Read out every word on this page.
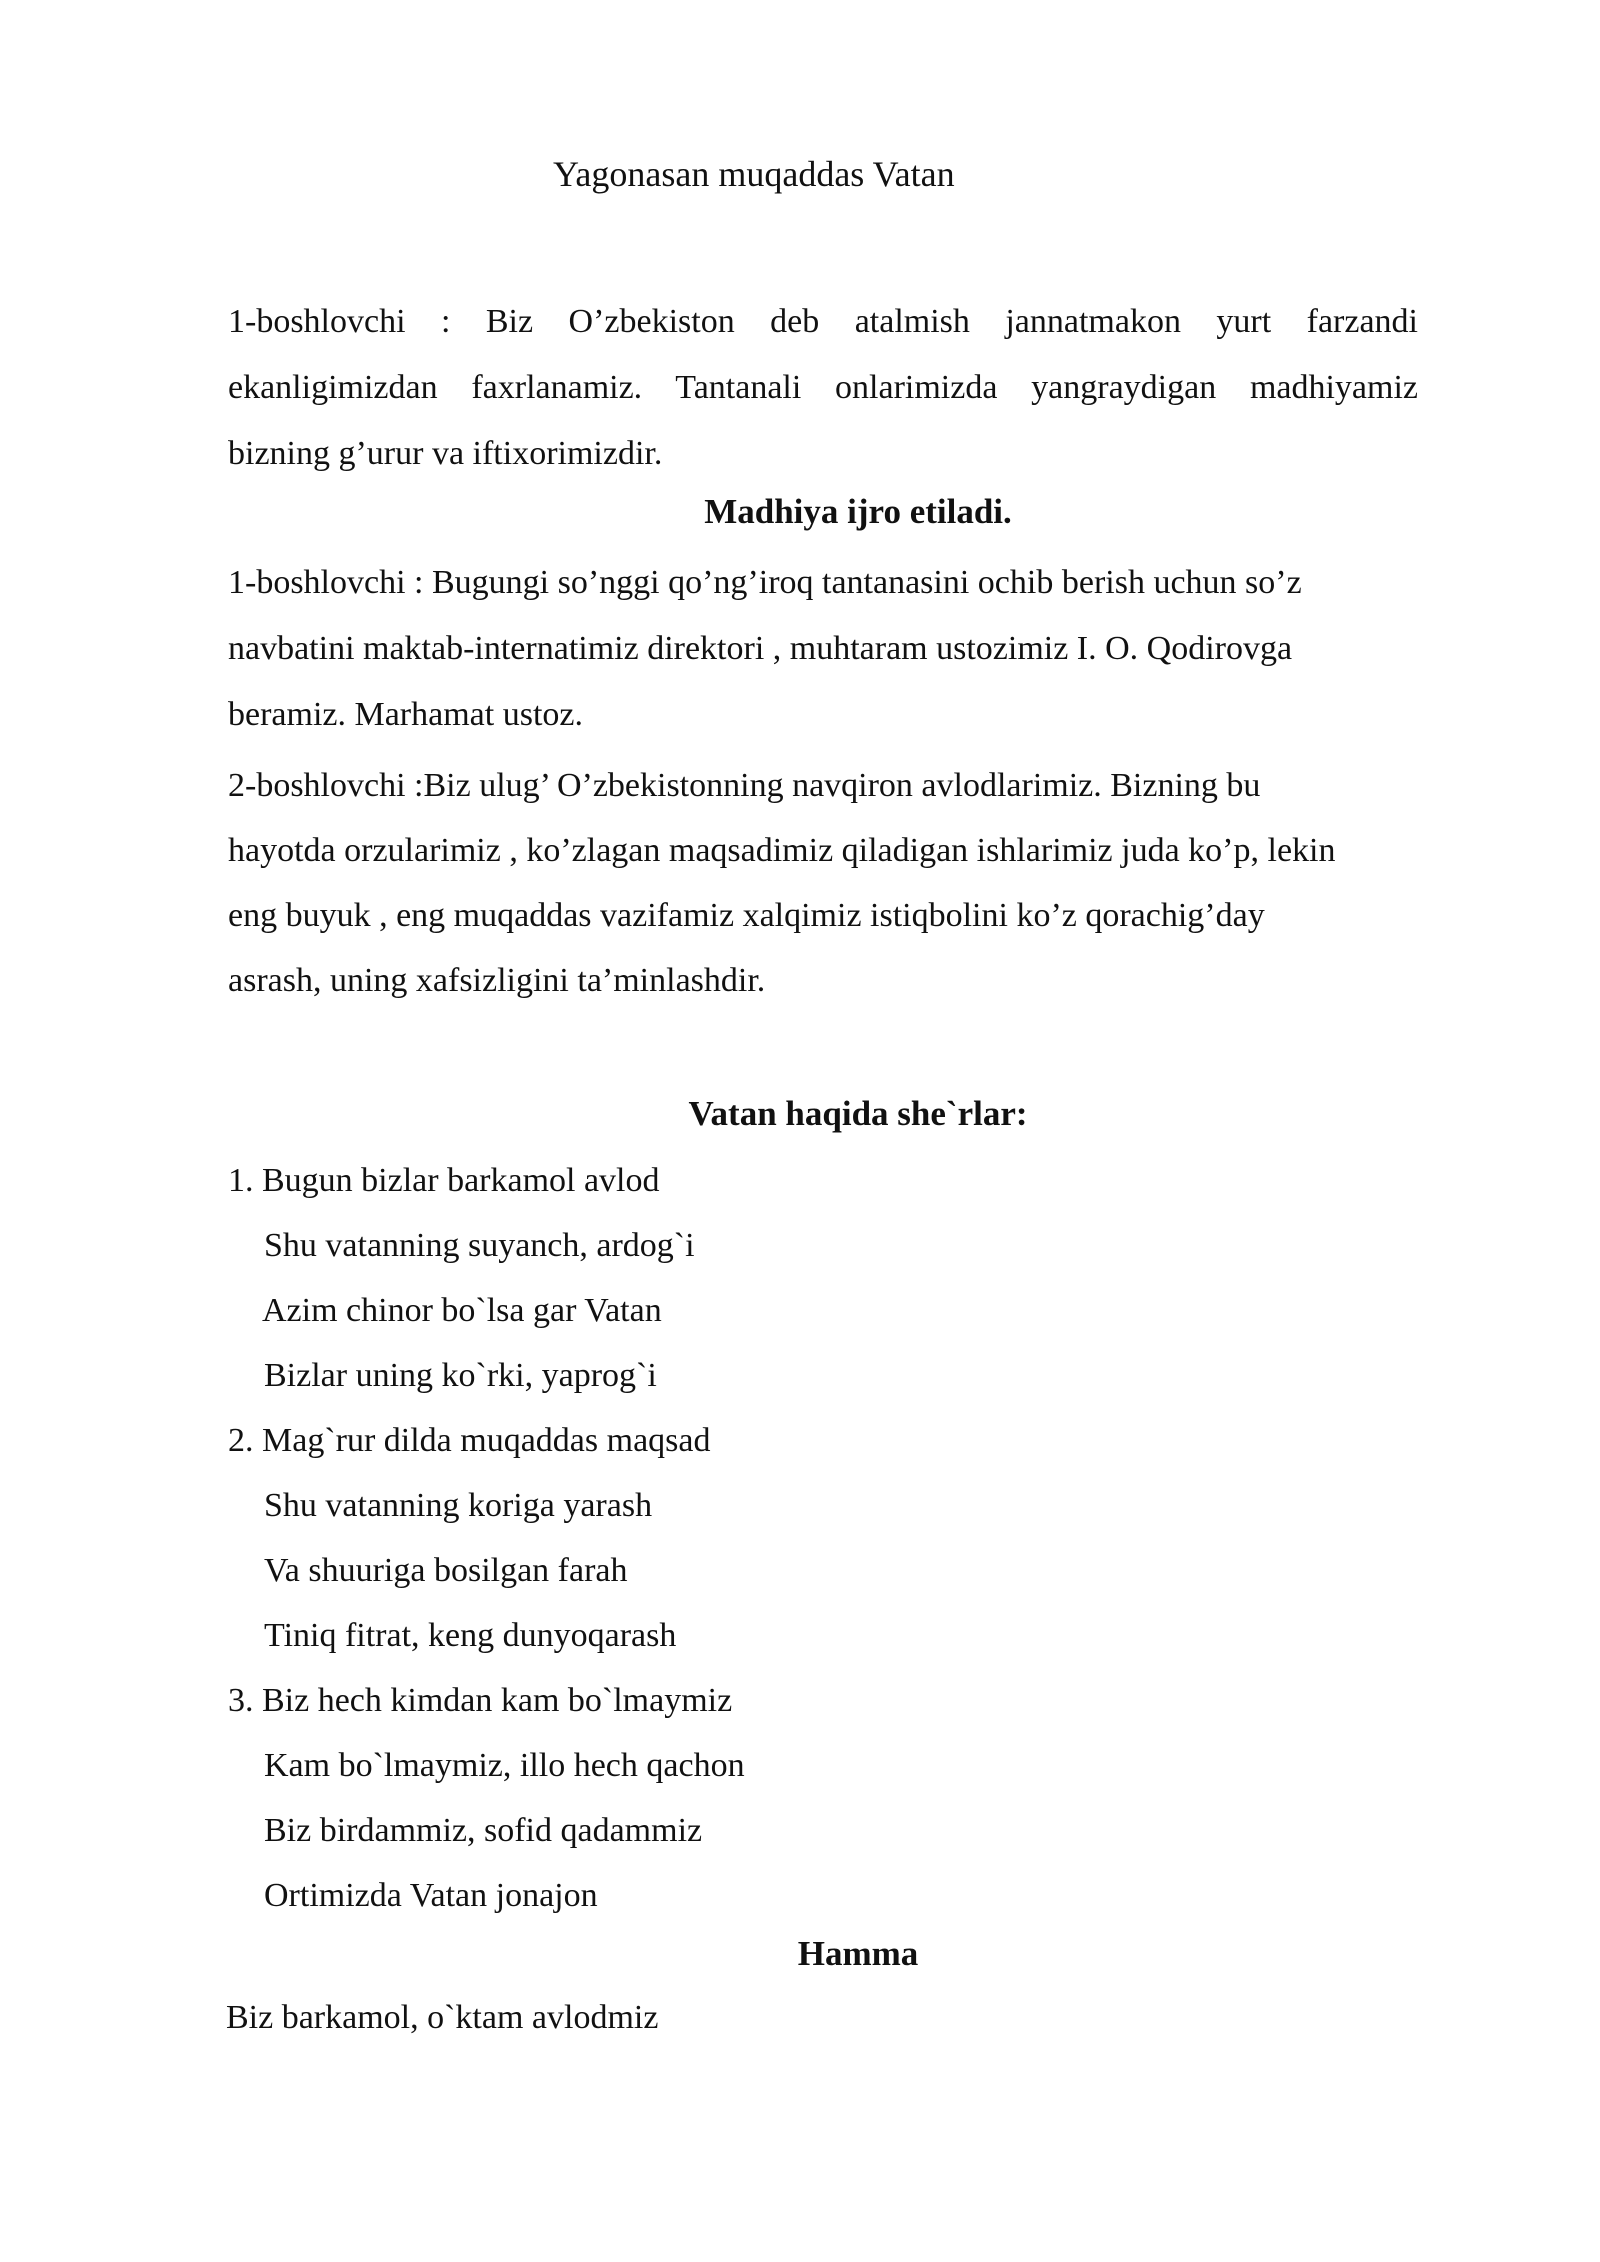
Yagonasan muqaddas Vatan
1-boshlovchi : Biz O’zbekiston deb atalmish jannatmakon yurt farzandi
ekanligimizdan faxrlanamiz. Tantanali onlarimizda yangraydigan madhiyamiz
bizning g’urur va iftixorimizdir.
Madhiya ijro etiladi.
1-boshlovchi : Bugungi so’nggi qo’ng’iroq tantanasini ochib berish uchun so’z
navbatini maktab-internatimiz direktori , muhtaram ustozimiz I. O. Qodirovga
beramiz. Marhamat ustoz.
2-boshlovchi :Biz ulug’ O’zbekistonning navqiron avlodlarimiz. Bizning bu
hayotda orzularimiz , ko’zlagan maqsadimiz qiladigan ishlarimiz juda ko’p, lekin
eng buyuk , eng muqaddas vazifamiz xalqimiz istiqbolini ko’z qorachig’day
asrash, uning xafsizligini ta’minlashdir.
Vatan haqida she`rlar:
1. Bugun bizlar barkamol avlod
Shu vatanning suyanch, ardog`i
Azim chinor bo`lsa gar Vatan
Bizlar uning ko`rki, yaprog`i
2. Mag`rur dilda muqaddas maqsad
Shu vatanning koriga yarash
Va shuuriga bosilgan farah
Tiniq fitrat, keng dunyoqarash
3. Biz hech kimdan kam bo`lmaymiz
Kam bo`lmaymiz, illo hech qachon
Biz birdammiz, sofid qadammiz
Ortimizda Vatan jonajon
Hamma
Biz barkamol, o`ktam avlodmiz
